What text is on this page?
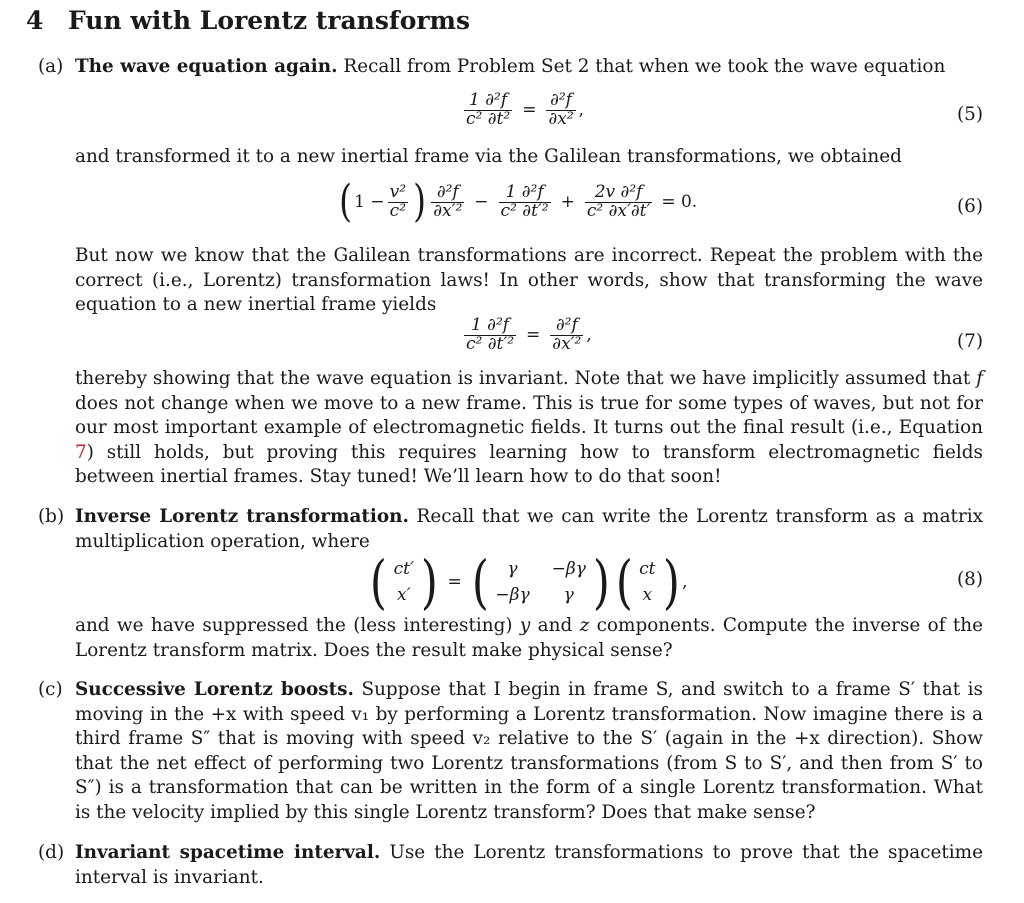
4 Fun with Lorentz transforms
(a) The wave equation again. Recall from Problem Set 2 that when we took the wave equation
$\frac{\text{1 ∂²f}}{\text{c² ∂t²}} = \frac{\text{∂²f}}{\text{∂x²}}$ ,	(5)
and transformed it to a new inertial frame via the Galilean transformations, we obtained
( $1 - \frac{\text{v²}}{\text{c²}}$ ) $\frac{\text{∂²f}}{\text{∂x′²}} - \frac{\text{1 ∂²f}}{\text{c² ∂t′²}} + \frac{\text{2v ∂²f}}{\text{c² ∂x′∂t′}} = 0$.	(6)
But now we know that the Galilean transformations are incorrect. Repeat the problem with the correct (i.e., Lorentz) transformation laws! In other words, show that transforming the wave equation to a new inertial frame yields
$\frac{\text{1 ∂²f}}{\text{c² ∂t′²}} = \frac{\text{∂²f}}{\text{∂x′²}}$ ,	(7)
thereby showing that the wave equation is invariant. Note that we have implicitly assumed that f does not change when we move to a new frame. This is true for some types of waves, but not for our most important example of electromagnetic fields. It turns out the final result (i.e., Equation 7) still holds, but proving this requires learning how to transform electromagnetic fields between inertial frames. Stay tuned! We’ll learn how to do that soon!
(b) Inverse Lorentz transformation. Recall that we can write the Lorentz transform as a matrix multiplication operation, where
( ct′
x′ ) = (	γ	−βγ
−βγ	γ ) ( ct
x ) ,	(8)
and we have suppressed the (less interesting) y and z components. Compute the inverse of the Lorentz transform matrix. Does the result make physical sense?
(c) Successive Lorentz boosts. Suppose that I begin in frame S, and switch to a frame S′ that is moving in the +x with speed v₁ by performing a Lorentz transformation. Now imagine there is a third frame S″ that is moving with speed v₂ relative to the S′ (again in the +x direction). Show that the net effect of performing two Lorentz transformations (from S to S′, and then from S′ to S″) is a transformation that can be written in the form of a single Lorentz transformation. What is the velocity implied by this single Lorentz transform? Does that make sense?
(d) Invariant spacetime interval. Use the Lorentz transformations to prove that the spacetime interval is invariant.
